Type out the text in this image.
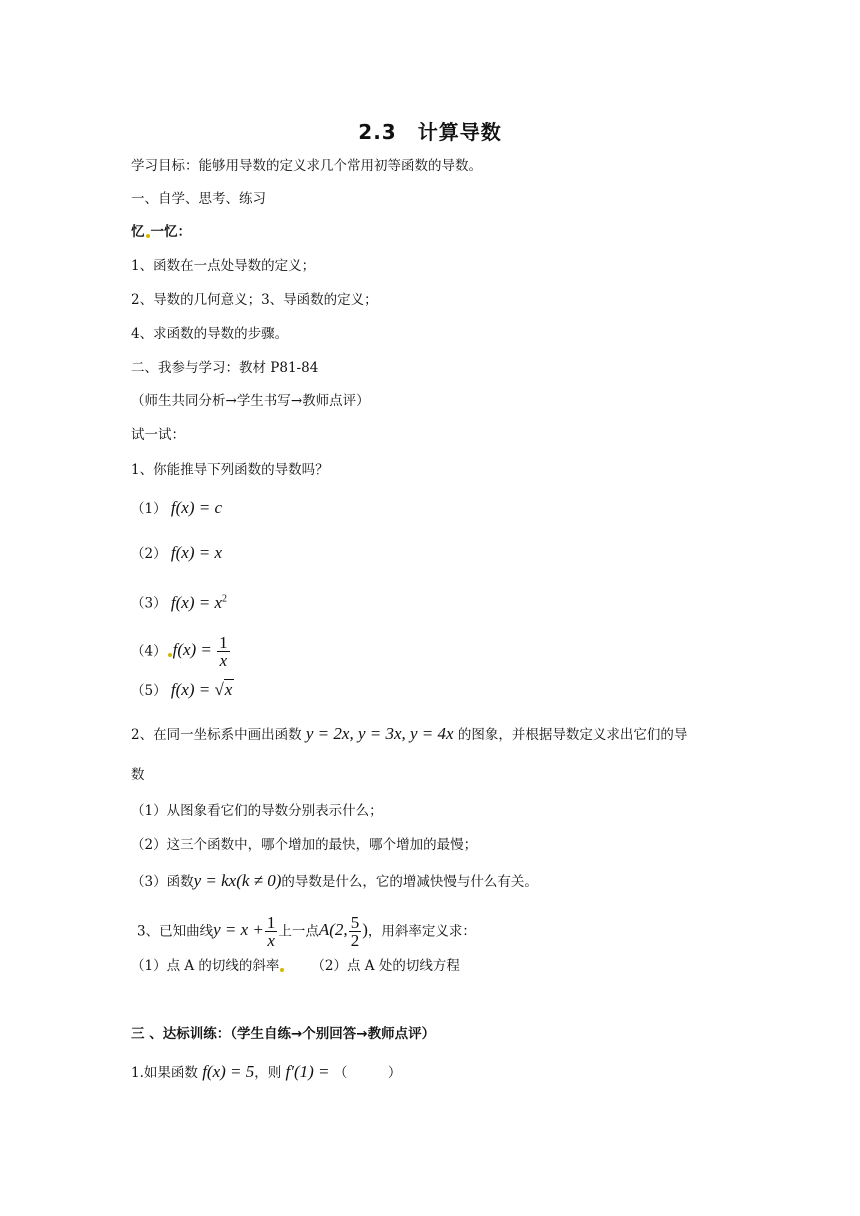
2.3　计算导数
学习目标：能够用导数的定义求几个常用初等函数的导数。
一、自学、思考、练习
忆 一忆：
1、函数在一点处导数的定义；
2、导数的几何意义；3、导函数的定义；
4、求函数的导数的步骤。
二、我参与学习：教材 P81-84
（师生共同分析→学生书写→教师点评）
试一试：
1、你能推导下列函数的导数吗？
（1） f(x) = c
（2） f(x) = x
（3） $f(x) = x^2$
（4） $f(x) = \frac{1}{x}$
（5） f(x) = √x
2、在同一坐标系中画出函数 y = 2x, y = 3x, y = 4x 的图象，并根据导数定义求出它们的导
数
（1）从图象看它们的导数分别表示什么；
（2）这三个函数中，哪个增加的最快，哪个增加的最慢；
（3）函数y = kx(k ≠ 0)的导数是什么，它的增减快慢与什么有关。
3、已知曲线$y = x + \frac{1}{x}$ 上一点A(2, $\frac{5}{2}$ )，用斜率定义求：
（1）点 A 的切线的斜率 （2）点 A 处的切线方程
三 、达标训练：（学生自练→个别回答→教师点评）
1.如果函数 f(x) = 5，则 f′(1) = （　　　）
